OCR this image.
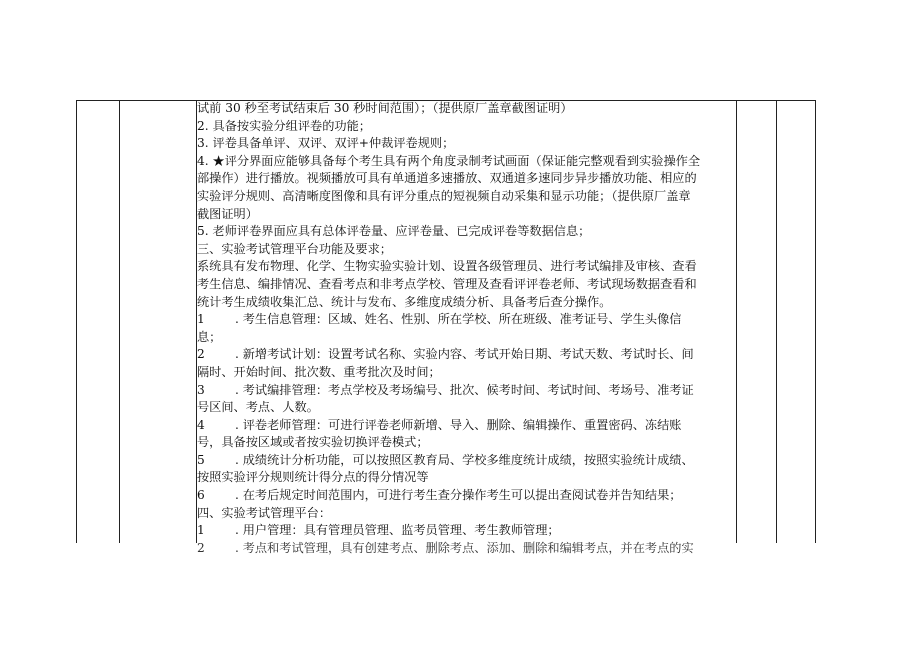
试前 30 秒至考试结束后 30 秒时间范围）；（提供原厂盖章截图证明）
2. 具备按实验分组评卷的功能；
3. 评卷具备单评、双评、双评+仲裁评卷规则；
4. ★评分界面应能够具备每个考生具有两个角度录制考试画面（保证能完整观看到实验操作全
部操作）进行播放。视频播放可具有单通道多速播放、双通道多速同步异步播放功能、相应的
实验评分规则、高清晰度图像和具有评分重点的短视频自动采集和显示功能；（提供原厂盖章
截图证明）
5. 老师评卷界面应具有总体评卷量、应评卷量、已完成评卷等数据信息；
三、实验考试管理平台功能及要求；
系统具有发布物理、化学、生物实验实验计划、设置各级管理员、进行考试编排及审核、查看
考生信息、编排情况、查看考点和非考点学校、管理及查看评评卷老师、考试现场数据查看和
统计考生成绩收集汇总、统计与发布、多维度成绩分析、具备考后查分操作。
1 . 考生信息管理：区域、姓名、性别、所在学校、所在班级、准考证号、学生头像信
息；
2 . 新增考试计划：设置考试名称、实验内容、考试开始日期、考试天数、考试时长、间
隔时、开始时间、批次数、重考批次及时间；
3 . 考试编排管理：考点学校及考场编号、批次、候考时间、考试时间、考场号、准考证
号区间、考点、人数。
4 . 评卷老师管理：可进行评卷老师新增、导入、删除、编辑操作、重置密码、冻结账
号，具备按区域或者按实验切换评卷模式；
5 . 成绩统计分析功能，可以按照区教育局、学校多维度统计成绩，按照实验统计成绩、
按照实验评分规则统计得分点的得分情况等
6 . 在考后规定时间范围内，可进行考生查分操作考生可以提出查阅试卷并告知结果；
四、实验考试管理平台：
1 . 用户管理：具有管理员管理、监考员管理、考生教师管理；
2 . 考点和考试管理，具有创建考点、删除考点、添加、删除和编辑考点，并在考点的实
